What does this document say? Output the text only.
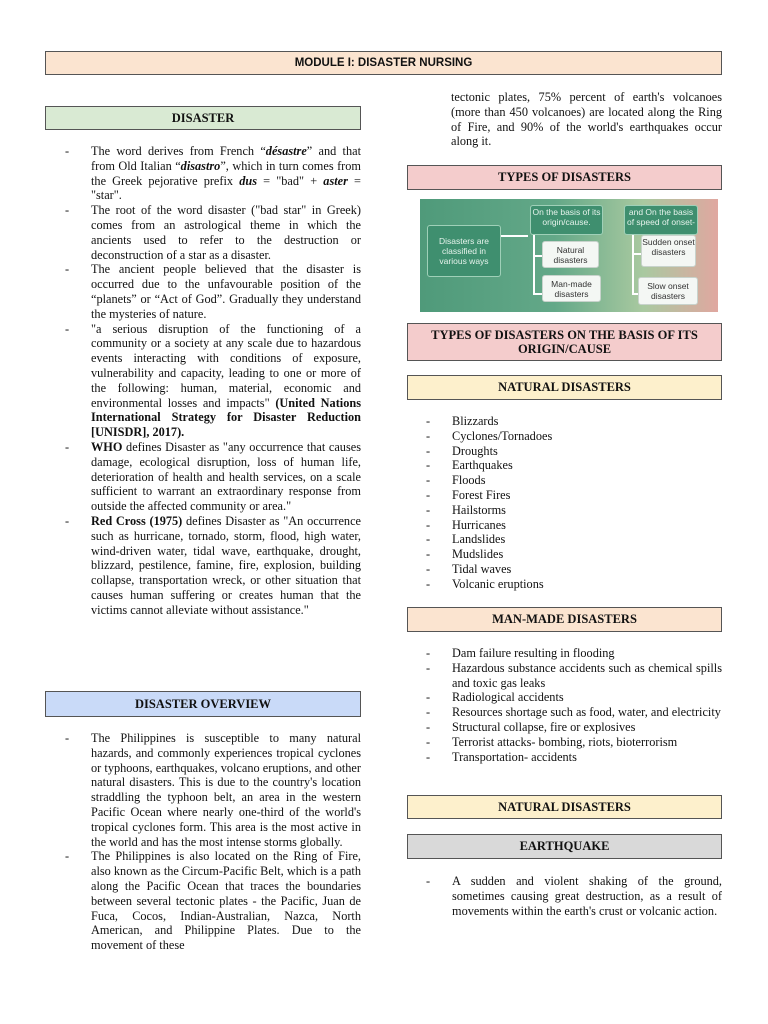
MODULE I: DISASTER NURSING
DISASTER
- The word derives from French “désastre” and that from Old Italian “disastro”, which in turn comes from the Greek pejorative prefix dus = "bad" + aster = "star".
- The root of the word disaster ("bad star" in Greek) comes from an astrological theme in which the ancients used to refer to the destruction or deconstruction of a star as a disaster.
- The ancient people believed that the disaster is occurred due to the unfavourable position of the “planets” or “Act of God”. Gradually they understand the mysteries of nature.
- "a serious disruption of the functioning of a community or a society at any scale due to hazardous events interacting with conditions of exposure, vulnerability and capacity, leading to one or more of the following: human, material, economic and environmental losses and impacts" (United Nations International Strategy for Disaster Reduction [UNISDR], 2017).
- WHO defines Disaster as "any occurrence that causes damage, ecological disruption, loss of human life, deterioration of health and health services, on a scale sufficient to warrant an extraordinary response from outside the affected community or area."
- Red Cross (1975) defines Disaster as "An occurrence such as hurricane, tornado, storm, flood, high water, wind-driven water, tidal wave, earthquake, drought, blizzard, pestilence, famine, fire, explosion, building collapse, transportation wreck, or other situation that causes human suffering or creates human that the victims cannot alleviate without assistance."
DISASTER OVERVIEW
- The Philippines is susceptible to many natural hazards, and commonly experiences tropical cyclones or typhoons, earthquakes, volcano eruptions, and other natural disasters. This is due to the country's location straddling the typhoon belt, an area in the western Pacific Ocean where nearly one-third of the world's tropical cyclones form. This area is the most active in the world and has the most intense storms globally.
- The Philippines is also located on the Ring of Fire, also known as the Circum-Pacific Belt, which is a path along the Pacific Ocean that traces the boundaries between several tectonic plates - the Pacific, Juan de Fuca, Cocos, Indian-Australian, Nazca, North American, and Philippine Plates. Due to the movement of these

tectonic plates, 75% percent of earth's volcanoes (more than 450 volcanoes) are located along the Ring of Fire, and 90% of the world's earthquakes occur along it.

TYPES OF DISASTERS
Disasters are classified in various ways
On the basis of its origin/cause.
Natural disasters
Man-made disasters
and On the basis of speed of onset-
Sudden onset disasters
Slow onset disasters
TYPES OF DISASTERS ON THE BASIS OF ITS ORIGIN/CAUSE
NATURAL DISASTERS
- Blizzards
- Cyclones/Tornadoes
- Droughts
- Earthquakes
- Floods
- Forest Fires
- Hailstorms
- Hurricanes
- Landslides
- Mudslides
- Tidal waves
- Volcanic eruptions
MAN-MADE DISASTERS
- Dam failure resulting in flooding
- Hazardous substance accidents such as chemical spills and toxic gas leaks
- Radiological accidents
- Resources shortage such as food, water, and electricity
- Structural collapse, fire or explosives
- Terrorist attacks- bombing, riots, bioterrorism
- Transportation- accidents
NATURAL DISASTERS
EARTHQUAKE
- A sudden and violent shaking of the ground, sometimes causing great destruction, as a result of movements within the earth's crust or volcanic action.
